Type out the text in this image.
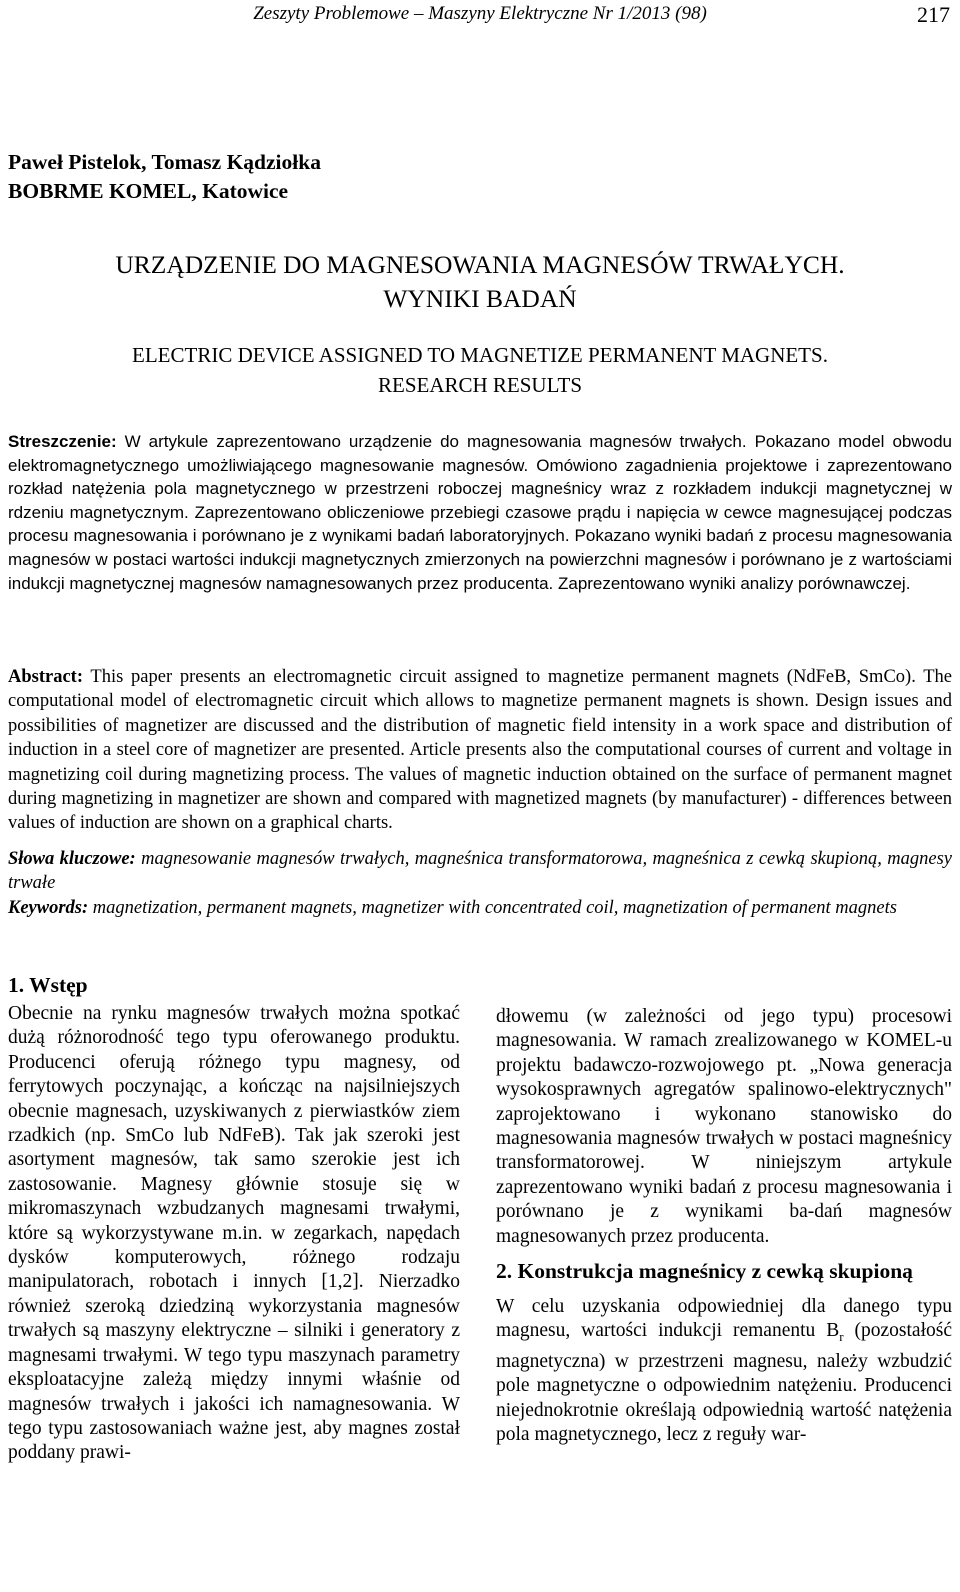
Zeszyty Problemowe – Maszyny Elektryczne Nr 1/2013 (98)	217
Paweł Pistelok, Tomasz Kądziołka
BOBRME KOMEL, Katowice
URZĄDZENIE DO MAGNESOWANIA MAGNESÓW TRWAŁYCH.
WYNIKI BADAŃ
ELECTRIC DEVICE ASSIGNED TO MAGNETIZE PERMANENT MAGNETS.
RESEARCH RESULTS

Streszczenie: W artykule zaprezentowano urządzenie do magnesowania magnesów trwałych. Pokazano model obwodu elektromagnetycznego umożliwiającego magnesowanie magnesów. Omówiono zagadnienia projektowe i zaprezentowano rozkład natężenia pola magnetycznego w przestrzeni roboczej magneśnicy wraz z rozkładem indukcji magnetycznej w rdzeniu magnetycznym. Zaprezentowano obliczeniowe przebiegi czasowe prądu i napięcia w cewce magnesującej podczas procesu magnesowania i porównano je z wynikami badań laboratoryjnych. Pokazano wyniki badań z procesu magnesowania magnesów w postaci wartości indukcji magnetycznych zmierzonych na powierzchni magnesów i porównano je z wartościami indukcji magnetycznej magnesów namagnesowanych przez producenta. Zaprezentowano wyniki analizy porównawczej.

Abstract: This paper presents an electromagnetic circuit assigned to magnetize permanent magnets (NdFeB, SmCo). The computational model of electromagnetic circuit which allows to magnetize permanent magnets is shown. Design issues and possibilities of magnetizer are discussed and the distribution of magnetic field intensity in a work space and distribution of induction in a steel core of magnetizer are presented. Article presents also the computational courses of current and voltage in magnetizing coil during magnetizing process. The values of magnetic induction obtained on the surface of permanent magnet during magnetizing in magnetizer are shown and compared with magnetized magnets (by manufacturer) - differences between values of induction are shown on a graphical charts.

Słowa kluczowe: magnesowanie magnesów trwałych, magneśnica transformatorowa, magneśnica z cewką skupioną, magnesy trwałe

Keywords: magnetization, permanent magnets, magnetizer with concentrated coil, magnetization of permanent magnets

1. Wstęp

Obecnie na rynku magnesów trwałych można spotkać dużą różnorodność tego typu oferowanego produktu. Producenci oferują różnego typu magnesy, od ferrytowych poczynając, a kończąc na najsilniejszych obecnie magnesach, uzyskiwanych z pierwiastków ziem rzadkich (np. SmCo lub NdFeB). Tak jak szeroki jest asortyment magnesów, tak samo szerokie jest ich zastosowanie. Magnesy głównie stosuje się w mikromaszynach wzbudzanych magnesami trwałymi, które są wykorzystywane m.in. w zegarkach, napędach dysków komputerowych, różnego rodzaju manipulatorach, robotach i innych [1,2]. Nierzadko również szeroką dziedziną wykorzystania magnesów trwałych są maszyny elektryczne – silniki i generatory z magnesami trwałymi. W tego typu maszynach parametry eksploatacyjne zależą między innymi właśnie od magnesów trwałych i jakości ich namagnesowania. W tego typu zastosowaniach ważne jest, aby magnes został poddany prawi-

dłowemu (w zależności od jego typu) procesowi magnesowania. W ramach zrealizowanego w KOMEL-u projektu badawczo-rozwojowego pt. „Nowa generacja wysokosprawnych agregatów spalinowo-elektrycznych" zaprojektowano i wykonano stanowisko do magnesowania magnesów trwałych w postaci magneśnicy transformatorowej. W niniejszym artykule zaprezentowano wyniki badań z procesu magnesowania i porównano je z wynikami ba-dań magnesów magnesowanych przez producenta.

2. Konstrukcja magneśnicy z cewką skupioną

W celu uzyskania odpowiedniej dla danego typu magnesu, wartości indukcji remanentu $B_r$ (pozostałość magnetyczna) w przestrzeni magnesu, należy wzbudzić pole magnetyczne o odpowiednim natężeniu. Producenci niejednokrotnie określają odpowiednią wartość natężenia pola magnetycznego, lecz z reguły war-
